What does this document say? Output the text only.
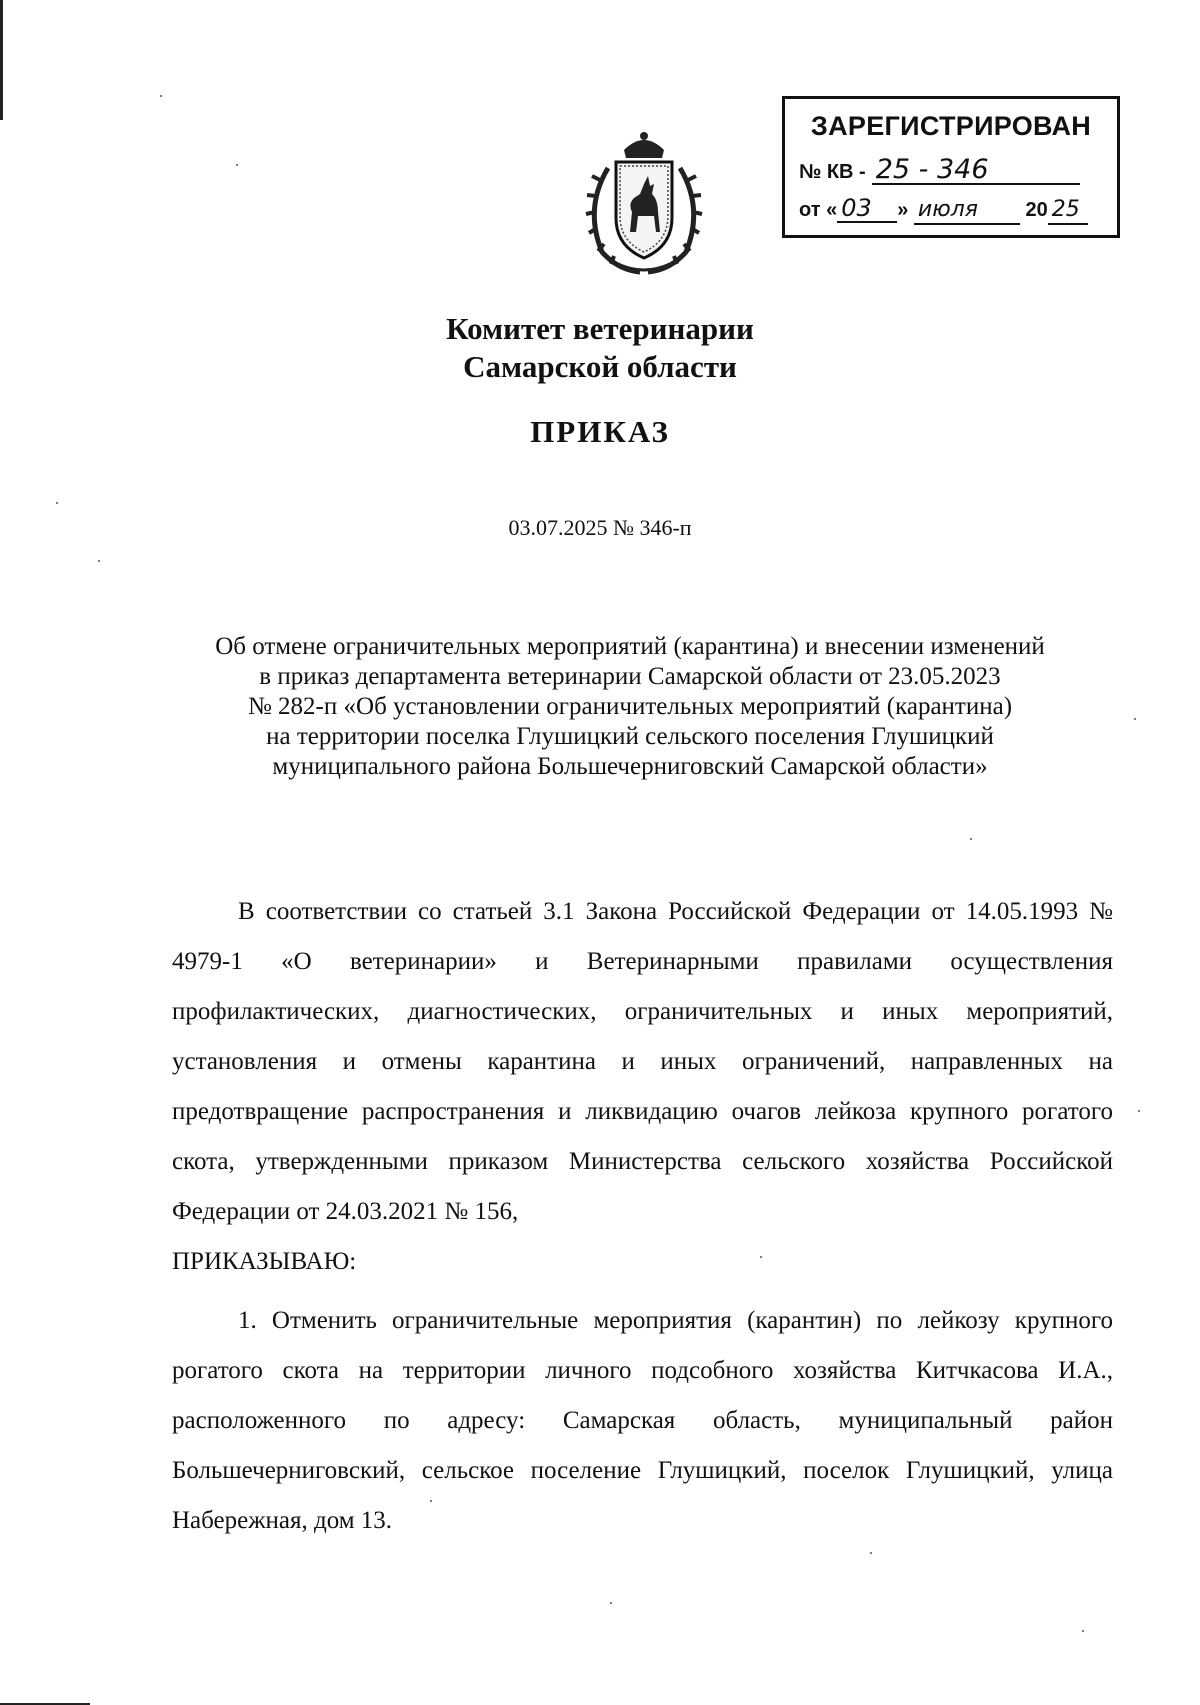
ЗАРЕГИСТРИРОВАН
№ КВ - 25 - 346
от « 03 » июля 20 25
Комитет ветеринарии
Самарской области
ПРИКАЗ
03.07.2025 № 346-п
Об отмене ограничительных мероприятий (карантина) и внесении изменений
в приказ департамента ветеринарии Самарской области от 23.05.2023
№ 282-п «Об установлении ограничительных мероприятий (карантина)
на территории поселка Глушицкий сельского поселения Глушицкий
муниципального района Большечерниговский Самарской области»

В соответствии со статьей 3.1 Закона Российской Федерации от 14.05.1993 № 4979-1 «О ветеринарии» и Ветеринарными правилами осуществления профилактических, диагностических, ограничительных и иных мероприятий, установления и отмены карантина и иных ограничений, направленных на предотвращение распространения и ликвидацию очагов лейкоза крупного рогатого скота, утвержденными приказом Министерства сельского хозяйства Российской Федерации от 24.03.2021 № 156,
ПРИКАЗЫВАЮ:

1. Отменить ограничительные мероприятия (карантин) по лейкозу крупного рогатого скота на территории личного подсобного хозяйства Китчкасова И.А., расположенного по адресу: Самарская область, муниципальный район Большечерниговский, сельское поселение Глушицкий, поселок Глушицкий, улица Набережная, дом 13.
